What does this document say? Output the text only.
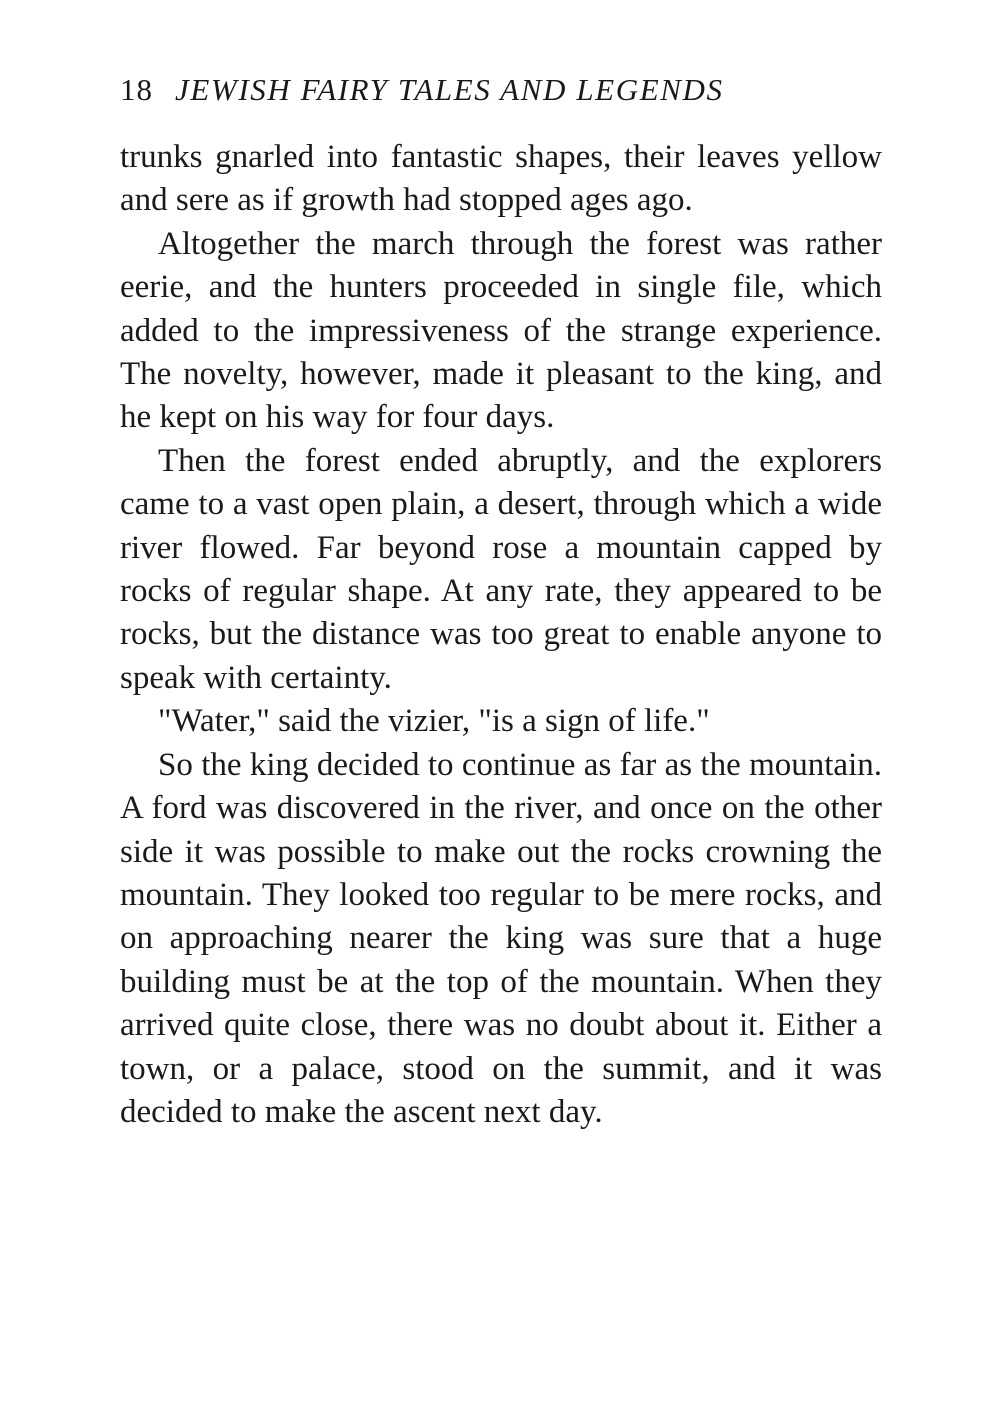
18 JEWISH FAIRY TALES AND LEGENDS

trunks gnarled into fantastic shapes, their leaves yellow and sere as if growth had stopped ages ago.

Altogether the march through the forest was rather eerie, and the hunters proceeded in single file, which added to the impressiveness of the strange experience. The novelty, however, made it pleasant to the king, and he kept on his way for four days.

Then the forest ended abruptly, and the explorers came to a vast open plain, a desert, through which a wide river flowed. Far beyond rose a mountain capped by rocks of regular shape. At any rate, they appeared to be rocks, but the distance was too great to enable anyone to speak with certainty.

"Water," said the vizier, "is a sign of life."

So the king decided to continue as far as the mountain. A ford was discovered in the river, and once on the other side it was possible to make out the rocks crowning the mountain. They looked too regular to be mere rocks, and on approaching nearer the king was sure that a huge building must be at the top of the mountain. When they arrived quite close, there was no doubt about it. Either a town, or a palace, stood on the summit, and it was decided to make the ascent next day.
